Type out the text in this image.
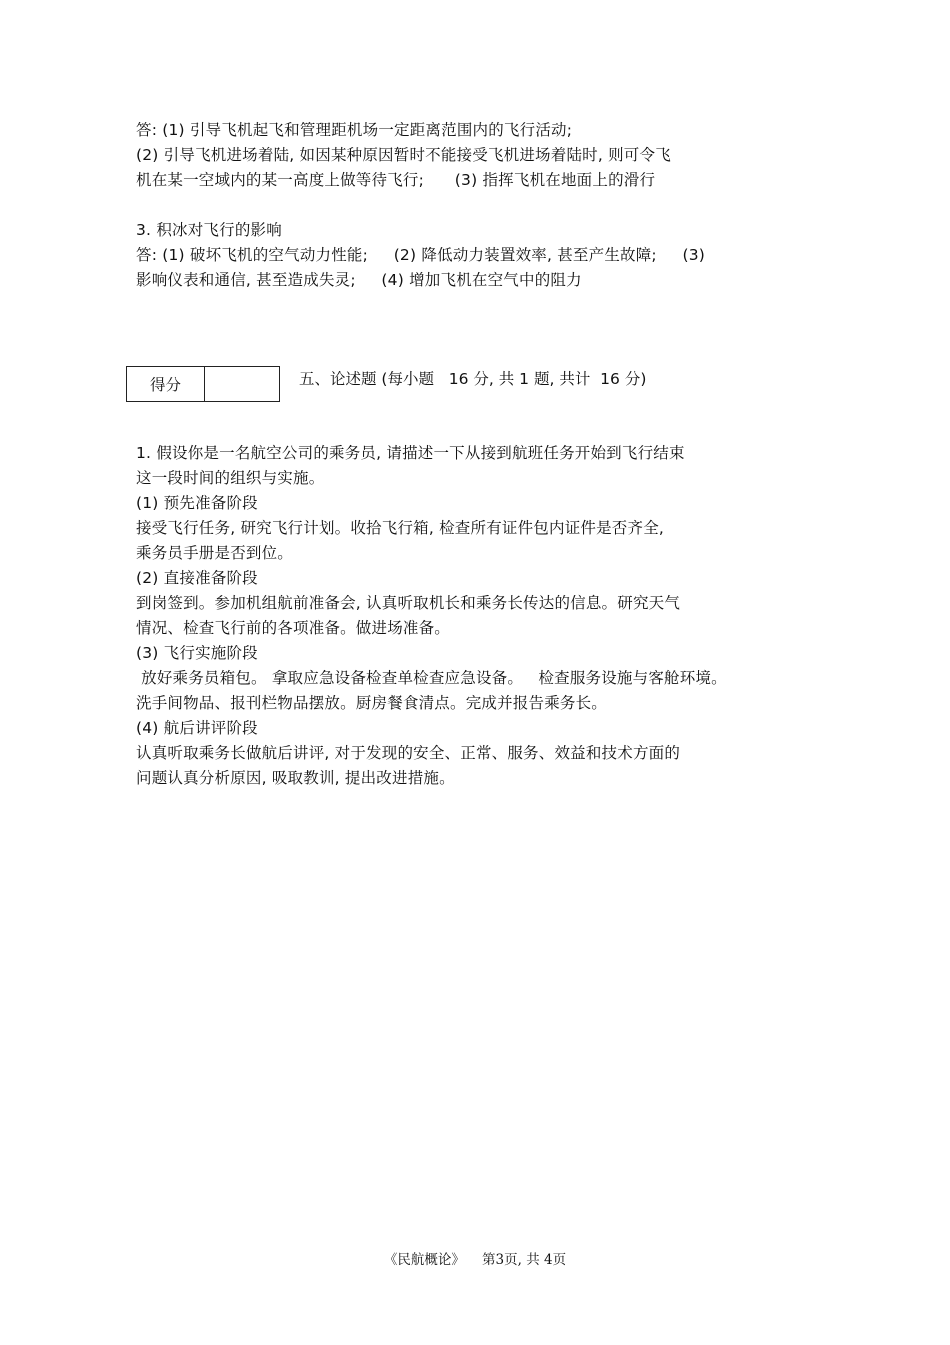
答: (1) 引导飞机起飞和管理距机场一定距离范围内的飞行活动;
(2) 引导飞机进场着陆, 如因某种原因暂时不能接受飞机进场着陆时, 则可令飞
机在某一空域内的某一高度上做等待飞行;      (3) 指挥飞机在地面上的滑行
3. 积冰对飞行的影响
答: (1) 破坏飞机的空气动力性能;     (2) 降低动力装置效率, 甚至产生故障;     (3)
影响仪表和通信, 甚至造成失灵;     (4) 增加飞机在空气中的阻力
得分	五、论述题 (每小题   16 分, 共 1 题, 共计  16 分)
1. 假设你是一名航空公司的乘务员, 请描述一下从接到航班任务开始到飞行结束
这一段时间的组织与实施。
(1) 预先准备阶段
接受飞行任务, 研究飞行计划。收拾飞行箱, 检查所有证件包内证件是否齐全,
乘务员手册是否到位。
(2) 直接准备阶段
到岗签到。参加机组航前准备会, 认真听取机长和乘务长传达的信息。研究天气
情况、检查飞行前的各项准备。做进场准备。
(3) 飞行实施阶段
放好乘务员箱包。 拿取应急设备检查单检查应急设备。   检查服务设施与客舱环境。
洗手间物品、报刊栏物品摆放。厨房餐食清点。完成并报告乘务长。
(4) 航后讲评阶段
认真听取乘务长做航后讲评, 对于发现的安全、正常、服务、效益和技术方面的
问题认真分析原因, 吸取教训, 提出改进措施。
《民航概论》    第3页, 共 4页
